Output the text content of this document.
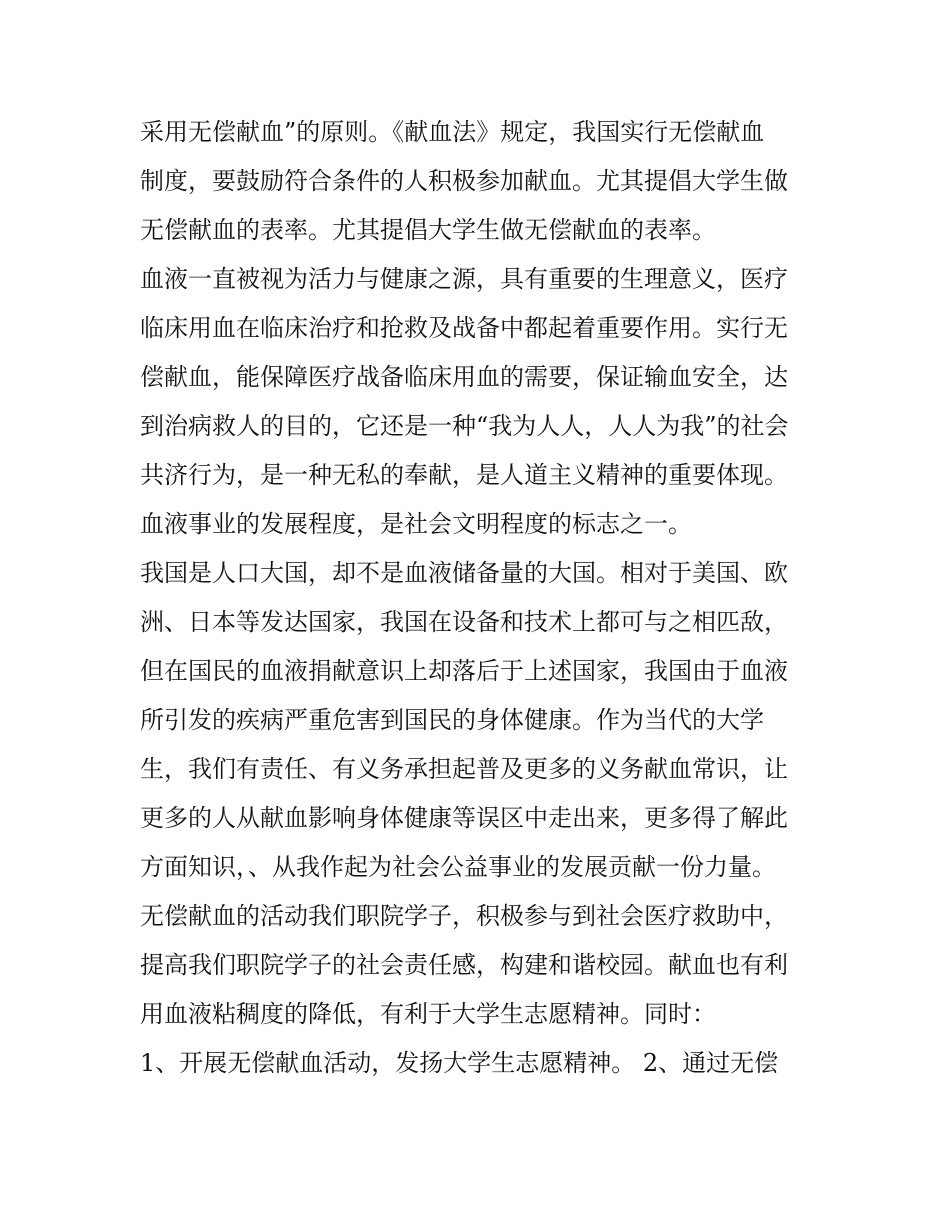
采用无偿献血”的原则。《献血法》规定，我国实行无偿献血
制度，要鼓励符合条件的人积极参加献血。尤其提倡大学生做
无偿献血的表率。尤其提倡大学生做无偿献血的表率。
血液一直被视为活力与健康之源，具有重要的生理意义，医疗
临床用血在临床治疗和抢救及战备中都起着重要作用。实行无
偿献血，能保障医疗战备临床用血的需要，保证输血安全，达
到治病救人的目的，它还是一种“我为人人，人人为我”的社会
共济行为，是一种无私的奉献，是人道主义精神的重要体现。
血液事业的发展程度，是社会文明程度的标志之一。
我国是人口大国，却不是血液储备量的大国。相对于美国、欧
洲、日本等发达国家，我国在设备和技术上都可与之相匹敌，
但在国民的血液捐献意识上却落后于上述国家，我国由于血液
所引发的疾病严重危害到国民的身体健康。作为当代的大学
生，我们有责任、有义务承担起普及更多的义务献血常识，让
更多的人从献血影响身体健康等误区中走出来，更多得了解此
方面知识，、从我作起为社会公益事业的发展贡献一份力量。
无偿献血的活动我们职院学子，积极参与到社会医疗救助中，
提高我们职院学子的社会责任感，构建和谐校园。献血也有利
用血液粘稠度的降低，有利于大学生志愿精神。同时：
1、开展无偿献血活动，发扬大学生志愿精神。 2、通过无偿
